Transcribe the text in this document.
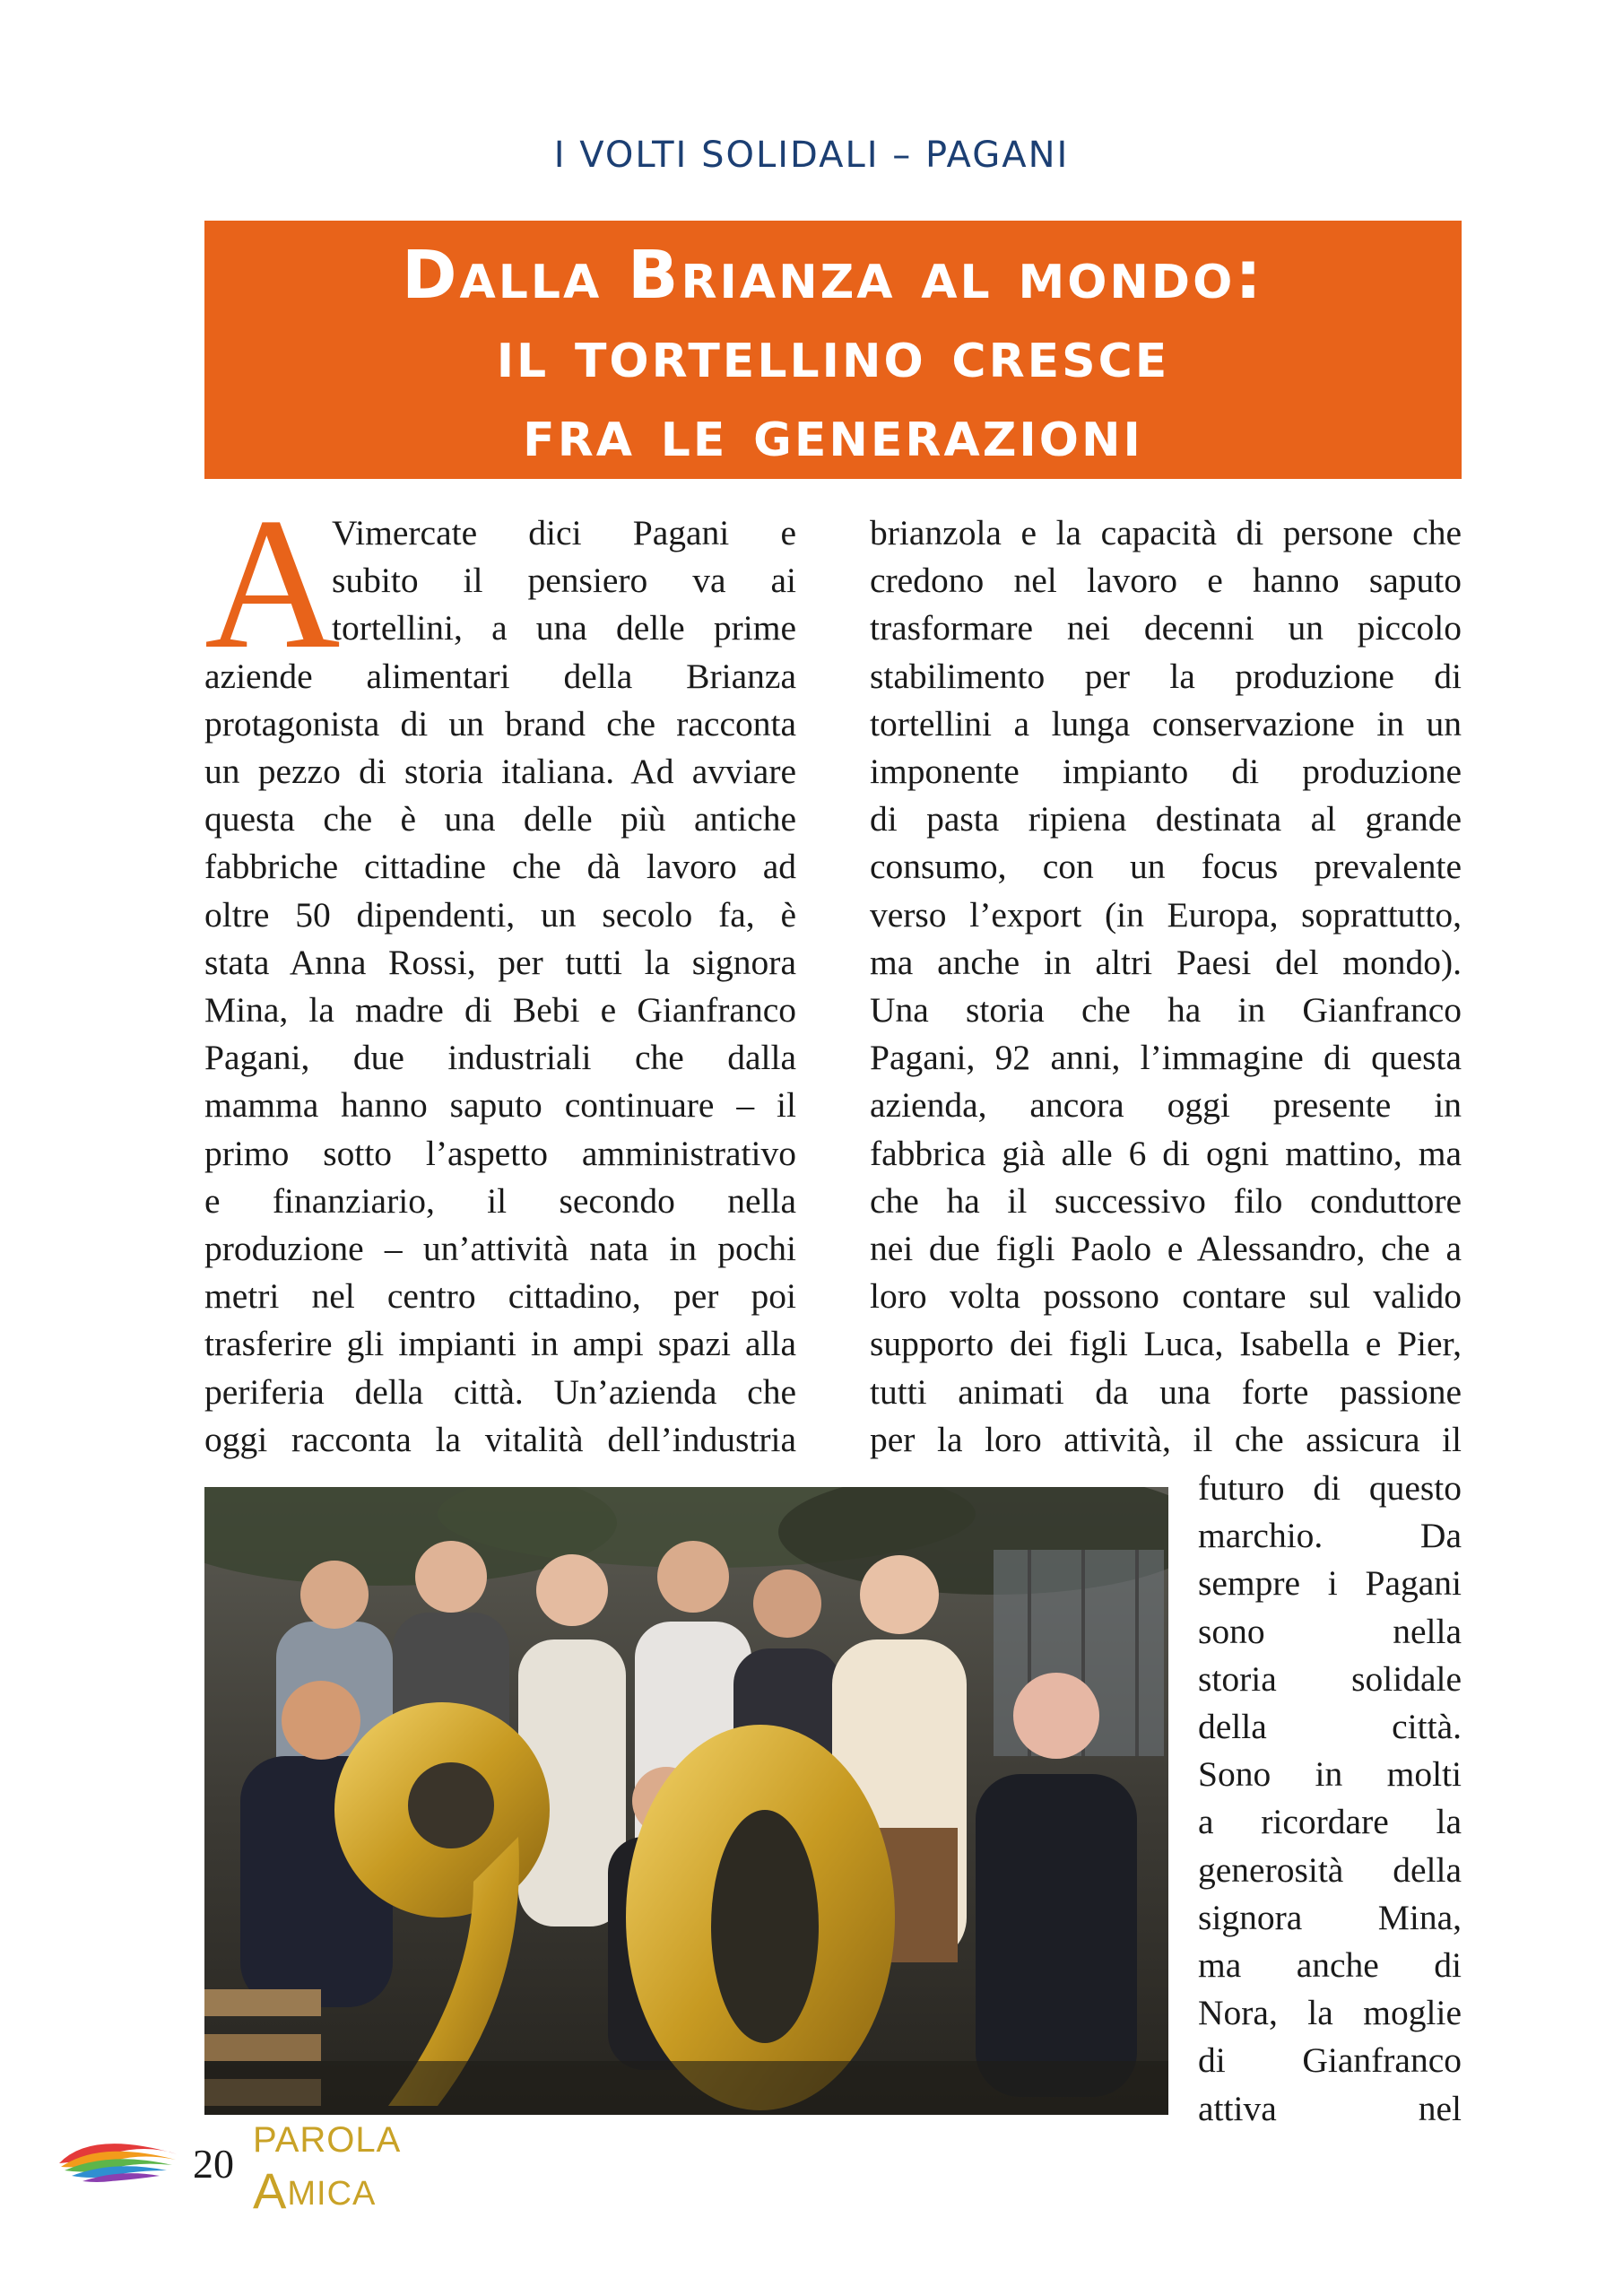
I VOLTI SOLIDALI – PAGANI
Dalla Brianza al mondo:
il tortellino cresce
fra le generazioni
A
Vimercate dici Pagani e
subito il pensiero va ai
tortellini, a una delle prime
aziende alimentari della Brianza
protagonista di un brand che racconta
un pezzo di storia italiana. Ad avviare
questa che è una delle più antiche
fabbriche cittadine che dà lavoro ad
oltre 50 dipendenti, un secolo fa, è
stata Anna Rossi, per tutti la signora
Mina, la madre di Bebi e Gianfranco
Pagani, due industriali che dalla
mamma hanno saputo continuare – il
primo sotto l’aspetto amministrativo
e finanziario, il secondo nella
produzione – un’attività nata in pochi
metri nel centro cittadino, per poi
trasferire gli impianti in ampi spazi alla
periferia della città. Un’azienda che
oggi racconta la vitalità dell’industria
brianzola e la capacità di persone che
credono nel lavoro e hanno saputo
trasformare nei decenni un piccolo
stabilimento per la produzione di
tortellini a lunga conservazione in un
imponente impianto di produzione
di pasta ripiena destinata al grande
consumo, con un focus prevalente
verso l’export (in Europa, soprattutto,
ma anche in altri Paesi del mondo).
Una storia che ha in Gianfranco
Pagani, 92 anni, l’immagine di questa
azienda, ancora oggi presente in
fabbrica già alle 6 di ogni mattino, ma
che ha il successivo filo conduttore
nei due figli Paolo e Alessandro, che a
loro volta possono contare sul valido
supporto dei figli Luca, Isabella e Pier,
tutti animati da una forte passione
per la loro attività, il che assicura il
futuro di questo
marchio. Da
sempre i Pagani
sono nella
storia solidale
della città.
Sono in molti
a ricordare la
generosità della
signora Mina,
ma anche di
Nora, la moglie
di Gianfranco
attiva nel
20
PAROLA
AMICA
